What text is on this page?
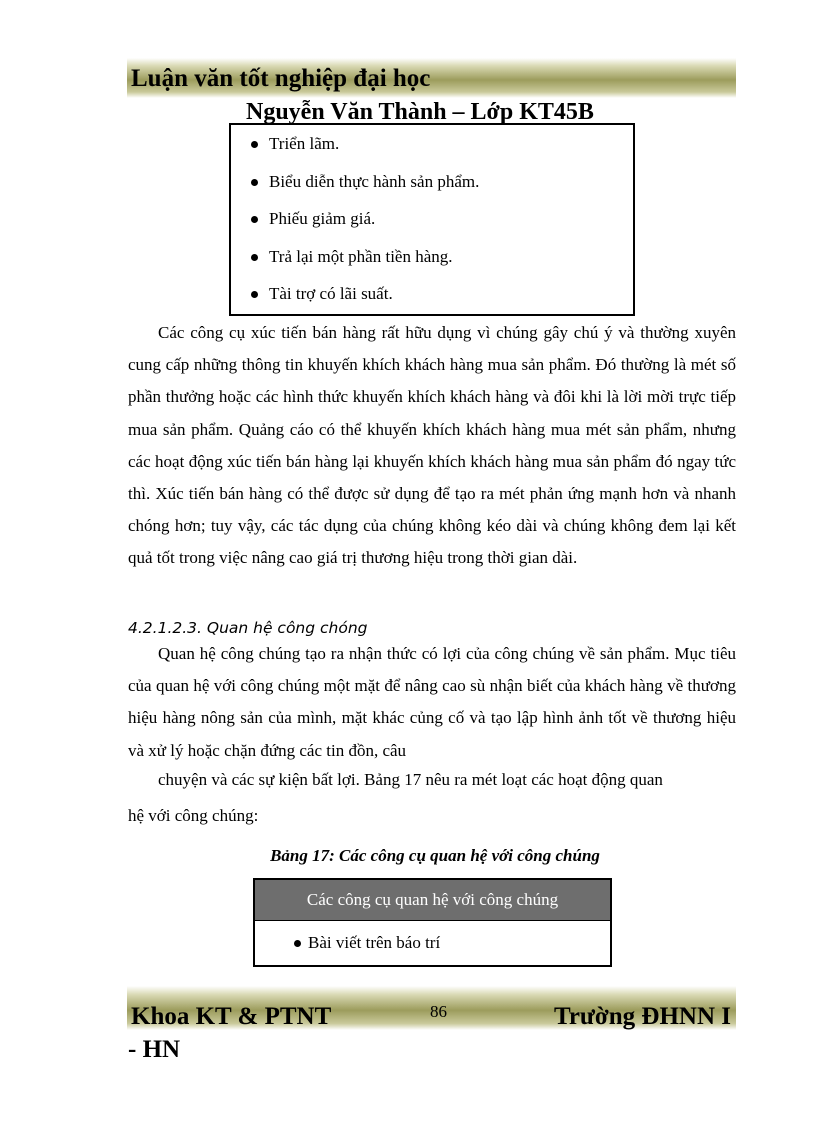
Luận văn tốt nghiệp đại học
Nguyễn Văn Thành – Lớp KT45B
Triển lãm.
Biểu diễn thực hành sản phẩm.
Phiếu giảm giá.
Trả lại một phần tiền hàng.
Tài trợ có lãi suất.

Các công cụ xúc tiến bán hàng rất hữu dụng vì chúng gây chú ý và thường xuyên cung cấp những thông tin khuyến khích khách hàng mua sản phẩm. Đó thường là mét số phần thưởng hoặc các hình thức khuyến khích khách hàng và đôi khi là lời mời trực tiếp mua sản phẩm. Quảng cáo có thể khuyến khích khách hàng mua mét sản phẩm, nhưng các hoạt động xúc tiến bán hàng lại khuyến khích khách hàng mua sản phẩm đó ngay tức thì. Xúc tiến bán hàng có thể được sử dụng để tạo ra mét phản ứng mạnh hơn và nhanh chóng hơn; tuy vậy, các tác dụng của chúng không kéo dài và chúng không đem lại kết quả tốt trong việc nâng cao giá trị thương hiệu trong thời gian dài.

4.2.1.2.3. Quan hệ công chóng

Quan hệ công chúng tạo ra nhận thức có lợi của công chúng về sản phẩm. Mục tiêu của quan hệ với công chúng một mặt để nâng cao sù nhận biết của khách hàng về thương hiệu hàng nông sản của mình, mặt khác củng cố và tạo lập hình ảnh tốt về thương hiệu và xử lý hoặc chặn đứng các tin đồn, câu

chuyện và các sự kiện bất lợi. Bảng 17 nêu ra mét loạt các hoạt động quan

hệ với công chúng:

Bảng 17: Các công cụ quan hệ với công chúng
Các công cụ quan hệ với công chúng
Bài viết trên báo trí
Khoa KT & PTNT	86	Trường ĐHNN I
- HN
